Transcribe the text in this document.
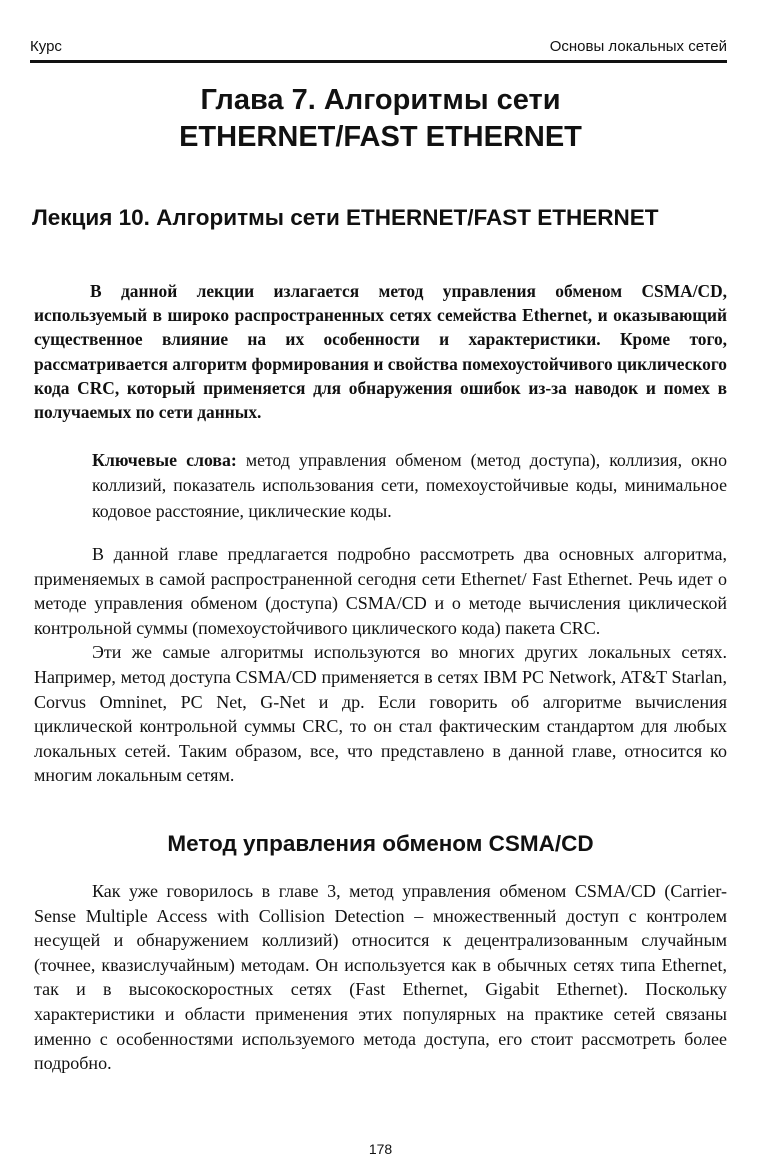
Курс	Основы локальных сетей
Глава 7. Алгоритмы сети
ETHERNET/FAST ETHERNET
Лекция 10. Алгоритмы сети ETHERNET/FAST ETHERNET

В данной лекции излагается метод управления обменом CSMA/CD, используемый в широко распространенных сетях семейства Ethernet, и оказывающий существенное влияние на их особенности и характеристики. Кроме того, рассматривается алгоритм формирования и свойства помехоустойчивого циклического кода CRC, который применяется для обнаружения ошибок из-за наводок и помех в получаемых по сети данных.

Ключевые слова: метод управления обменом (метод доступа), коллизия, окно коллизий, показатель использования сети, помехоустойчивые коды, минимальное кодовое расстояние, циклические коды.

В данной главе предлагается подробно рассмотреть два основных алгоритма, применяемых в самой распространенной сегодня сети Ethernet/ Fast Ethernet. Речь идет о методе управления обменом (доступа) CSMA/CD и о методе вычисления циклической контрольной суммы (помехоустойчивого циклического кода) пакета CRC.

Эти же самые алгоритмы используются во многих других локальных сетях. Например, метод доступа CSMA/CD применяется в сетях IBM PC Network, AT&T Starlan, Corvus Omninet, PC Net, G-Net и др. Если говорить об алгоритме вычисления циклической контрольной суммы CRC, то он стал фактическим стандартом для любых локальных сетей. Таким образом, все, что представлено в данной главе, относится ко многим локальным сетям.

Метод управления обменом CSMA/CD

Как уже говорилось в главе 3, метод управления обменом CSMA/CD (Carrier-Sense Multiple Access with Collision Detection – множественный доступ с контролем несущей и обнаружением коллизий) относится к децентрализованным случайным (точнее, квазислучайным) методам. Он используется как в обычных сетях типа Ethernet, так и в высокоскоростных сетях (Fast Ethernet, Gigabit Ethernet). Поскольку характеристики и области применения этих популярных на практике сетей связаны именно с особенностями используемого метода доступа, его стоит рассмотреть более подробно.

178
